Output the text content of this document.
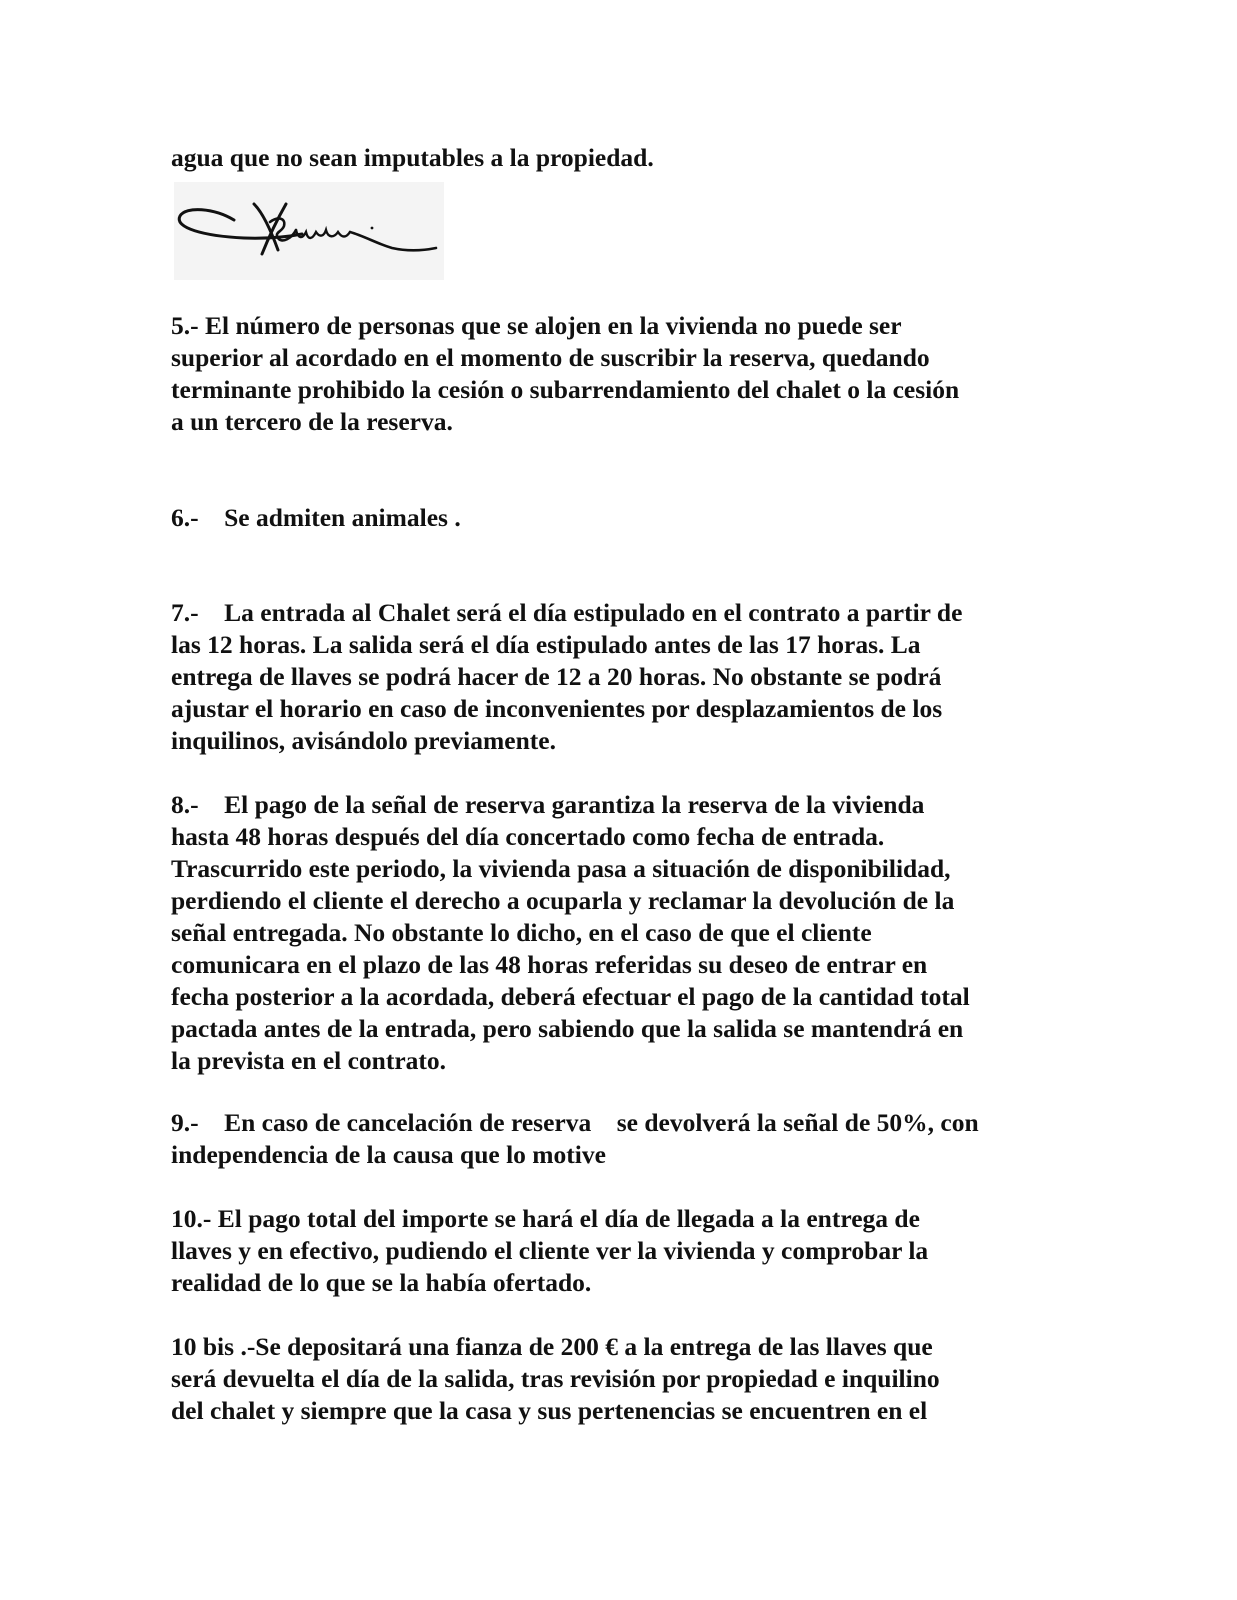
agua que no sean imputables a la propiedad.

5.- El número de personas que se alojen en la vivienda no puede ser

superior al acordado en el momento de suscribir la reserva, quedando

terminante prohibido la cesión o subarrendamiento del chalet o la cesión

a un tercero de la reserva.

6.-    Se admiten animales .

7.-    La entrada al Chalet será el día estipulado en el contrato a partir de

las 12 horas. La salida será el día estipulado antes de las 17 horas. La

entrega de llaves se podrá hacer de 12 a 20 horas. No obstante se podrá

ajustar el horario en caso de inconvenientes por desplazamientos de los

inquilinos, avisándolo previamente.

8.-    El pago de la señal de reserva garantiza la reserva de la vivienda

hasta 48 horas después del día concertado como fecha de entrada.

Trascurrido este periodo, la vivienda pasa a situación de disponibilidad,

perdiendo el cliente el derecho a ocuparla y reclamar la devolución de la

señal entregada. No obstante lo dicho, en el caso de que el cliente

comunicara en el plazo de las 48 horas referidas su deseo de entrar en

fecha posterior a la acordada, deberá efectuar el pago de la cantidad total

pactada antes de la entrada, pero sabiendo que la salida se mantendrá en

la prevista en el contrato.

9.-    En caso de cancelación de reserva    se devolverá la señal de 50%, con

independencia de la causa que lo motive

10.- El pago total del importe se hará el día de llegada a la entrega de

llaves y en efectivo, pudiendo el cliente ver la vivienda y comprobar la

realidad de lo que se la había ofertado.

10 bis .-Se depositará una fianza de 200 € a la entrega de las llaves que

será devuelta el día de la salida, tras revisión por propiedad e inquilino

del chalet y siempre que la casa y sus pertenencias se encuentren en el
